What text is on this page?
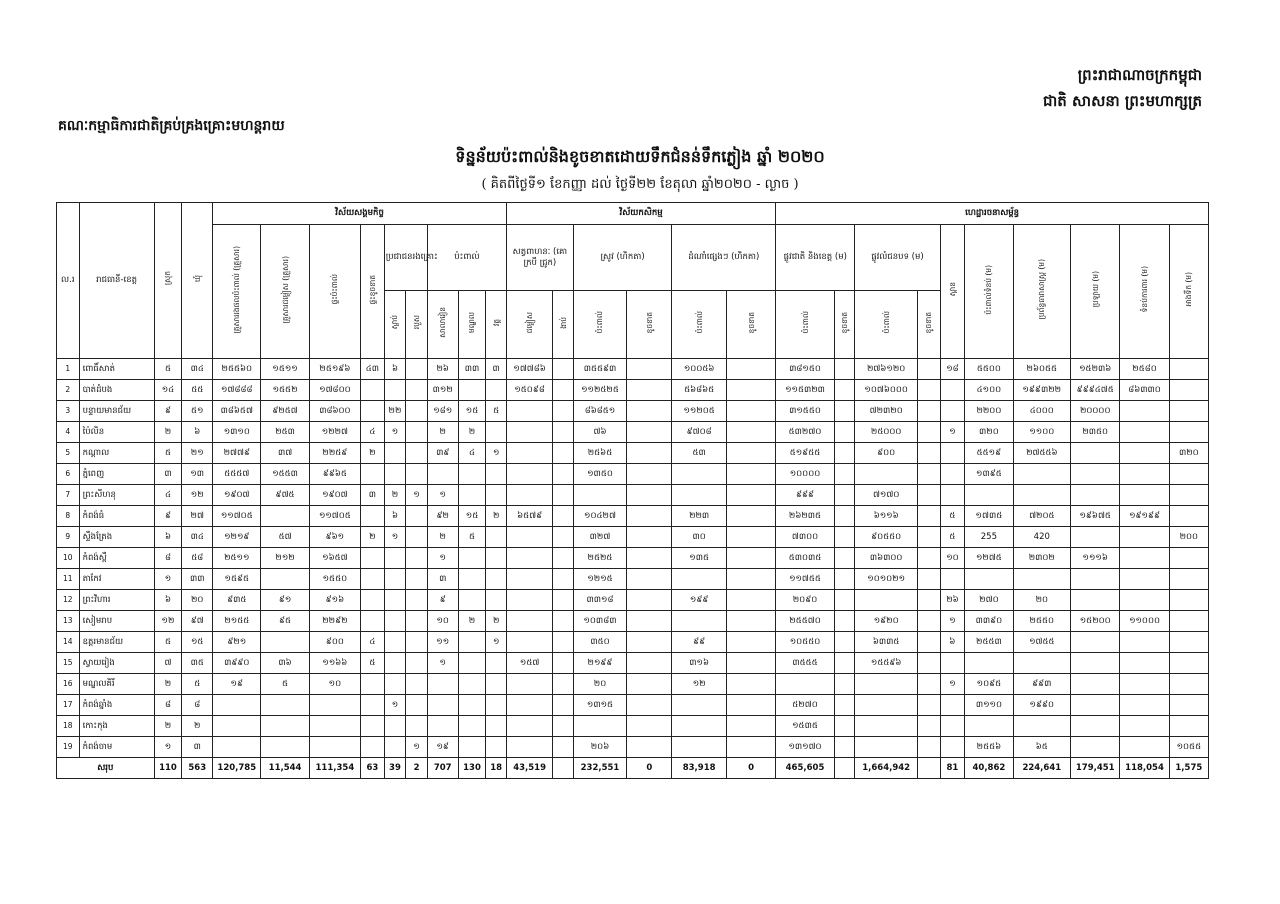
ព្រះរាជាណាចក្រកម្ពុជា
ជាតិ សាសនា ព្រះមហាក្សត្រ
គណៈកម្មាធិការជាតិគ្រប់គ្រងគ្រោះមហន្តរាយ
ទិន្នន័យប៉ះពាល់និងខូចខាតដោយទឹកជំនន់ទឹកភ្លៀង ឆ្នាំ ២០២០
( គិតពីថ្ងៃទី១ ខែកញ្ញា ដល់ ថ្ងៃទី២២ ខែតុលា ឆ្នាំ២០២០ - ល្ងាច )
ល.រ	រាជធានី-ខេត្ត	ស្រុក	ឃុំ	វិស័យសង្គមកិច្ច									វិស័យកសិកម្ម						ហេដ្ឋារចនាសម្ព័ន្ធ									
				គ្រួសាររងផលប៉ះពាល់ (គ្រួសារ)	គ្រួសារជម្លៀស (គ្រួសារ)	ផ្ទះប៉ះពាល់	ផ្ទះខូចខាត	ប្រជាជនរងគ្រោះ		ប៉ះពាល់			សត្វពាហនៈ (គោ ក្របី ជ្រូក)		ស្រូវ (ហិកតា)		ដំណាំផ្សេងៗ (ហិកតា)		ផ្លូវជាតិ និងខេត្ត (ម)		ផ្លូវលំជនបទ (ម)		ស្ពាន	ប៉ះពាល់ទំនប់ (ម)	ប្រព័ន្ធធារាសាស្ត្រ (ម)	ប្រឡាយ (ម)	ទំនប់ការពារ (ម)	អាងទឹក (ម)
								ស្លាប់	របួស	សាលារៀន	មណ្ឌល	វត្ត	ជម្លៀស	ងាប់	ប៉ះពាល់	ខូចខាត	ប៉ះពាល់	ខូចខាត	ប៉ះពាល់	ខូចខាត	ប៉ះពាល់	ខូចខាត						
1	ពោធិ៍សាត់	៥	៣៤	២៥៥៦០	១៥១១	២៥១៩៦	៤៣	៦		២៦	៣៣	៣	១៧៧៨៦		៣៥៥៩៣		១០០៥៦		៣៨១៥០		២៧៦១២០		១៨	៥៥០០	២៦០៥៥	១៥២៣៦	២៥៨០	
2	បាត់ដំបង	១៤	៥៥	១៧៨៨៨	១៥៥២	១៧៨០០				៣១២			១៥០៩៨		១១២៥២៥		៥៦៨៦៥		១១៥៣២៣		១០៧៦០០០			៤១០០	១៩៩៣២២	៩៩៩៤៧៥	៨៦៣៣០	
3	បន្ទាយមានជ័យ	៩	៥១	៣៨៦៥៧	៩២៥៧	៣៨៦០០		២២		១៨១	១៥	៥			៨៦៨៥១		១១២០៥		៣១៥៥០		៧២៣២០			២២០០	៤០០០	២០០០០		
4	ប៉ៃលិន	២	៦	១៣១០	២៥៣	១២២៧	៤	១		២	២				៧៦		៩៧០៨		៥៣២៧០		២៥០០០		១	៣២០	១១០០	២៣៥០		
5	កណ្ដាល	៥	២១	២៧៧៩	៣៧	២២៥៩	២			៣៩	៤	១			២៥៦៥		៥៣		៥១៩៥៥		៩០០			៥៥១៩	២៧៥៥៦			៣២០
6	ភ្នំពេញ	៣	១៣	៥៥៥៧	១៥៥៣	៩៩៦៥									១៣៥០				១០០០០					១៣៩៥				
7	ព្រះសីហនុ	៤	១២	១៩០៧	៩៧៥	១៩០៧	៣	២	១	១									៩៩៩		៧១៧០							
8	កំពង់ធំ	៩	២៧	១១៧០៥		១១៧០៥		៦		៩២	១៥	២	៦៥៧៩		១០៤២៧		២២៣		២៦២៣៥		៦១១៦		៥	១៧៣៥	៧២០៥	១៩៦៧៥	១៩១៩៩	
9	ស្ទឹងត្រែង	៦	៣៤	១២១៩	៥៧	៩៦១	២	១		២	៥				៣២៧		៣០		៧៣០០		៩០៥៥០		៥	255	420			២០០
10	កំពង់ស្ពឺ	៨	៥៨	២៥១១	២១២	១៦៥៧				១					២៥២៥		១៣៥		៥៣០៣៥		៣៦៣០០		១០	១២៧៥	២៣០២	១១១៦		
11	តាកែវ	១	៣៣	១៥៩៥		១៥៥០				៣					១២១៥				១១៧៥៥		១០១០២១							
12	ព្រះវិហារ	៦	២០	៩៣៥	៩១	៩១៦				៩					៣៣១៨		១៩៩		២០៩០				២៦	២៧០	២០			
13	សៀមរាប	១២	៩៧	២១៥៥	៩៥	២២៩២				១០	២	២			១០៣៨៣				២៥៥៧០		១៩២០		១	៣៣៩០	២៥៥០	១៥២០០	១១០០០	
14	ឧត្ដរមានជ័យ	៥	១៥	៩២១		៩០០	៤			១១		១			៣៥០		៩៩		១០៥៥០		៦៣៣៥		៦	២៥៥៣	១៧៥៥			
15	ស្វាយរៀង	៧	៣៥	៣៩៩០	៣៦	១១៦៦	៥			១			១៥៧		២១៩៩		៣១៦		៣៥៥៥		១៥៥៩៦							
16	មណ្ឌលគិរី	២	៥	១៩	៥	១០									២០		១២						១	១០៩៥	៩៩៣			
17	កំពង់ឆ្នាំង	៨	៨					១							១៣១៥				៥២៧០					៣១១០	១៩៩០			
18	កោះកុង	២	២																១៥៣៥									
19	កំពង់ចាម	១	៣						១	១៩					២០៦				១៣១៧០					២៥៥៦	៦៥			១០៥៥
សរុប		110	563	120,785	11,544	111,354	63	39	2	707	130	18	43,519		232,551	0	83,918	0	465,605		1,664,942		81	40,862	224,641	179,451	118,054	1,575
